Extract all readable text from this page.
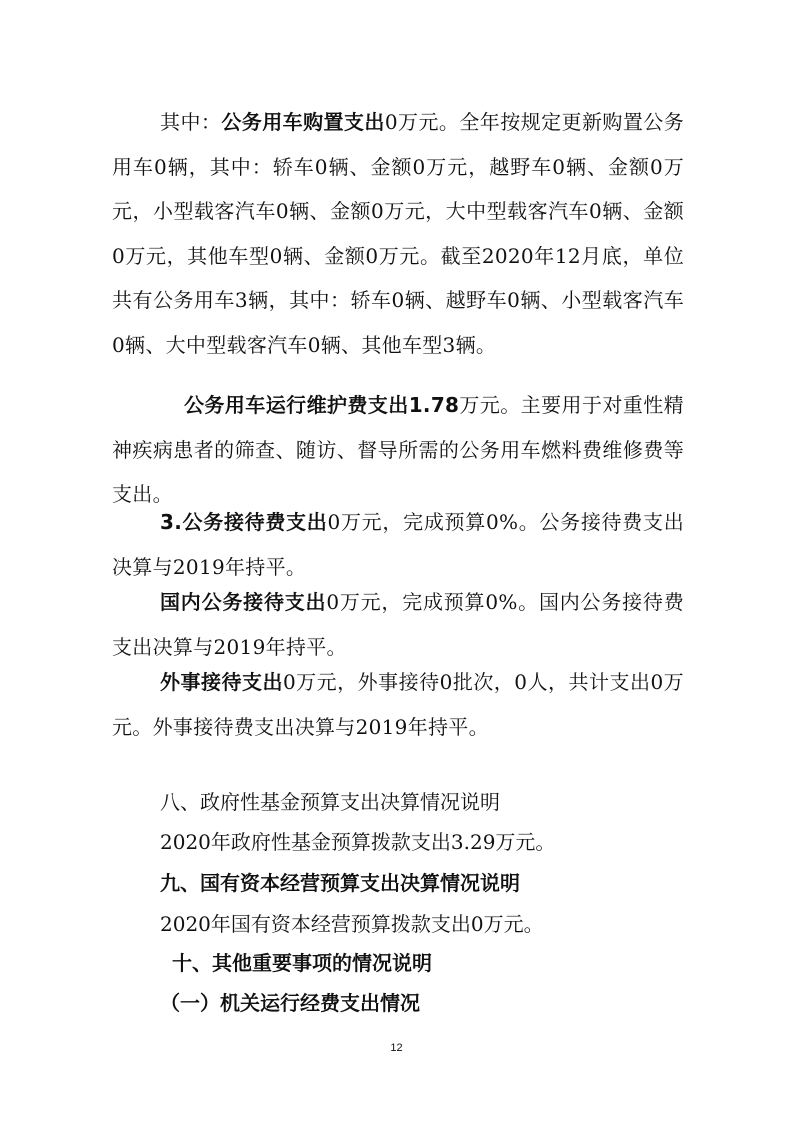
其中：公务用车购置支出0万元。全年按规定更新购置公务用车0辆，其中：轿车0辆、金额0万元，越野车0辆、金额0万元，小型载客汽车0辆、金额0万元，大中型载客汽车0辆、金额0万元，其他车型0辆、金额0万元。截至2020年12月底，单位共有公务用车3辆，其中：轿车0辆、越野车0辆、小型载客汽车0辆、大中型载客汽车0辆、其他车型3辆。

公务用车运行维护费支出1.78万元。主要用于对重性精神疾病患者的筛查、随访、督导所需的公务用车燃料费维修费等支出。

3.公务接待费支出0万元，完成预算0%。公务接待费支出决算与2019年持平。

国内公务接待支出0万元，完成预算0%。国内公务接待费支出决算与2019年持平。

外事接待支出0万元，外事接待0批次，0人，共计支出0万元。外事接待费支出决算与2019年持平。

八、政府性基金预算支出决算情况说明

2020年政府性基金预算拨款支出3.29万元。

九、国有资本经营预算支出决算情况说明

2020年国有资本经营预算拨款支出0万元。

十、其他重要事项的情况说明

（一）机关运行经费支出情况

12
